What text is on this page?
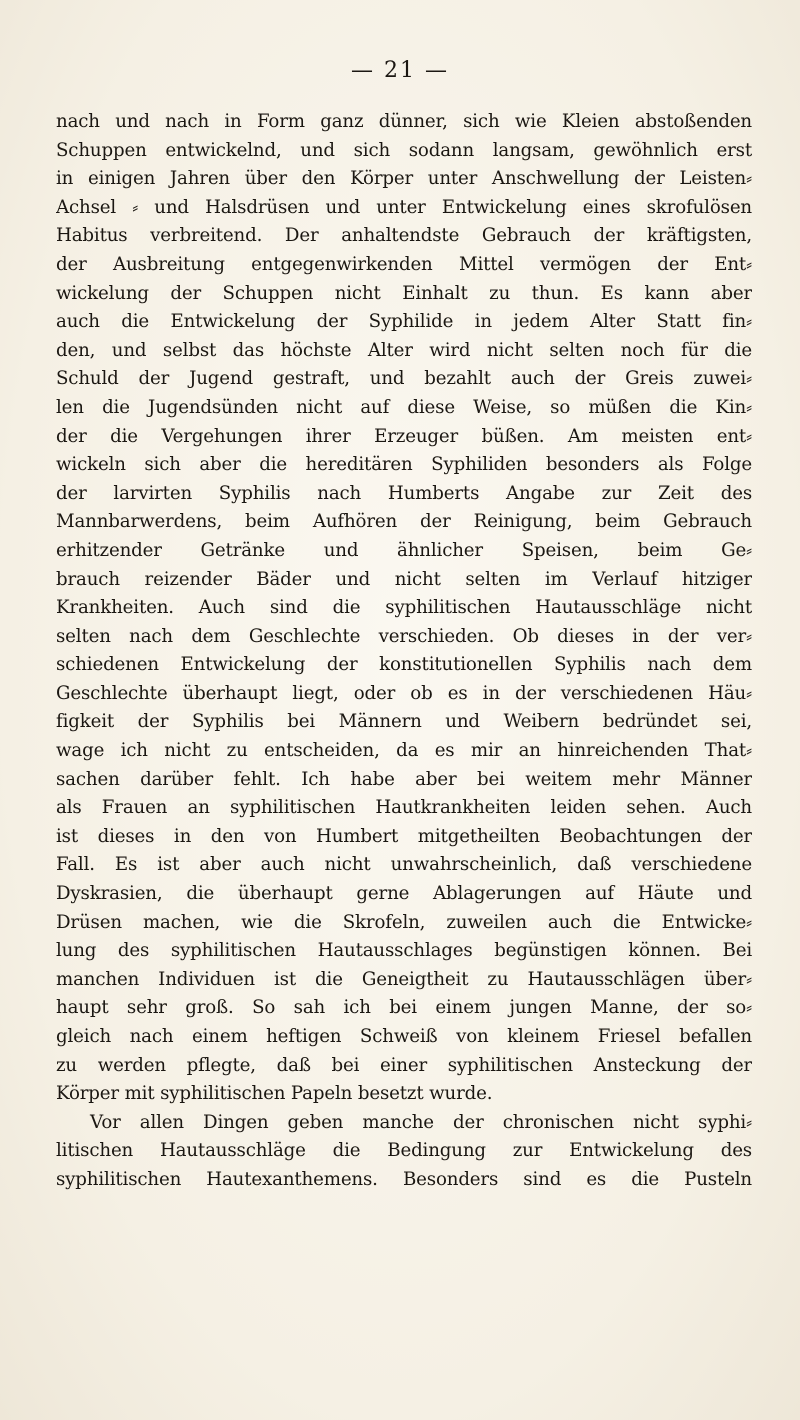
— 21 —
nach und nach in Form ganz dünner, sich wie Kleien abstoßenden
Schuppen entwickelnd, und sich sodann langsam, gewöhnlich erst
in einigen Jahren über den Körper unter Anschwellung der Leisten⸗
Achsel ⸗ und Halsdrüsen und unter Entwickelung eines skrofulösen
Habitus verbreitend. Der anhaltendste Gebrauch der kräftigsten,
der Ausbreitung entgegenwirkenden Mittel vermögen der Ent⸗
wickelung der Schuppen nicht Einhalt zu thun. Es kann aber
auch die Entwickelung der Syphilide in jedem Alter Statt fin⸗
den, und selbst das höchste Alter wird nicht selten noch für die
Schuld der Jugend gestraft, und bezahlt auch der Greis zuwei⸗
len die Jugendsünden nicht auf diese Weise, so müßen die Kin⸗
der die Vergehungen ihrer Erzeuger büßen. Am meisten ent⸗
wickeln sich aber die hereditären Syphiliden besonders als Folge
der larvirten Syphilis nach Humberts Angabe zur Zeit des
Mannbarwerdens, beim Aufhören der Reinigung, beim Gebrauch
erhitzender Getränke und ähnlicher Speisen, beim Ge⸗
brauch reizender Bäder und nicht selten im Verlauf hitziger
Krankheiten. Auch sind die syphilitischen Hautausschläge nicht
selten nach dem Geschlechte verschieden. Ob dieses in der ver⸗
schiedenen Entwickelung der konstitutionellen Syphilis nach dem
Geschlechte überhaupt liegt, oder ob es in der verschiedenen Häu⸗
figkeit der Syphilis bei Männern und Weibern bedründet sei,
wage ich nicht zu entscheiden, da es mir an hinreichenden That⸗
sachen darüber fehlt. Ich habe aber bei weitem mehr Männer
als Frauen an syphilitischen Hautkrankheiten leiden sehen. Auch
ist dieses in den von Humbert mitgetheilten Beobachtungen der
Fall. Es ist aber auch nicht unwahrscheinlich, daß verschiedene
Dyskrasien, die überhaupt gerne Ablagerungen auf Häute und
Drüsen machen, wie die Skrofeln, zuweilen auch die Entwicke⸗
lung des syphilitischen Hautausschlages begünstigen können. Bei
manchen Individuen ist die Geneigtheit zu Hautausschlägen über⸗
haupt sehr groß. So sah ich bei einem jungen Manne, der so⸗
gleich nach einem heftigen Schweiß von kleinem Friesel befallen
zu werden pflegte, daß bei einer syphilitischen Ansteckung der
Körper mit syphilitischen Papeln besetzt wurde.
Vor allen Dingen geben manche der chronischen nicht syphi⸗
litischen Hautausschläge die Bedingung zur Entwickelung des
syphilitischen Hautexanthemens. Besonders sind es die Pusteln
